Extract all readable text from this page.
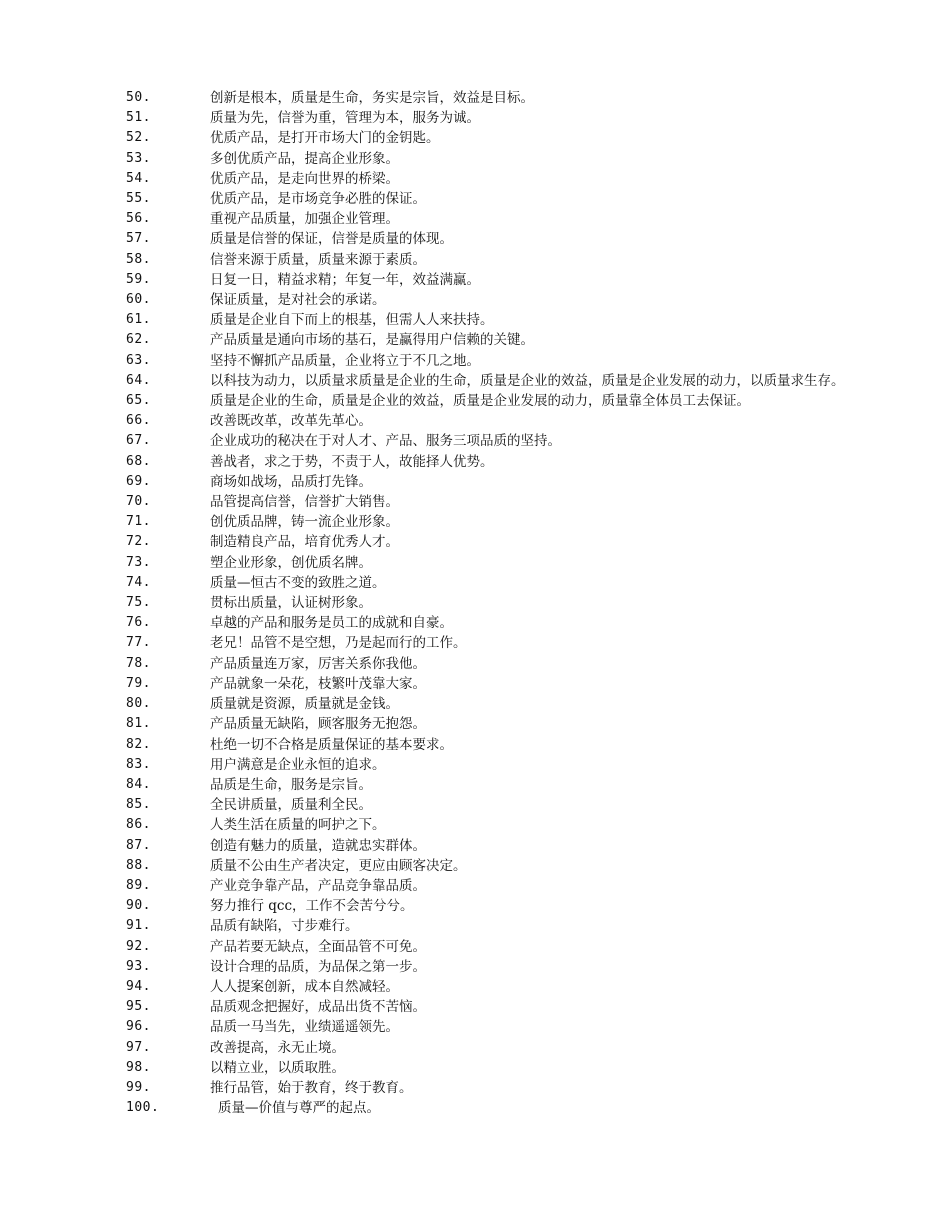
50.	创新是根本，质量是生命，务实是宗旨，效益是目标。
51.	质量为先，信誉为重，管理为本，服务为诚。
52.	优质产品，是打开市场大门的金钥匙。
53.	多创优质产品，提高企业形象。
54.	优质产品，是走向世界的桥梁。
55.	优质产品，是市场竞争必胜的保证。
56.	重视产品质量，加强企业管理。
57.	质量是信誉的保证，信誉是质量的体现。
58.	信誉来源于质量，质量来源于素质。
59.	日复一日，精益求精；年复一年，效益满赢。
60.	保证质量，是对社会的承诺。
61.	质量是企业自下而上的根基，但需人人来扶持。
62.	产品质量是通向市场的基石，是赢得用户信赖的关键。
63.	坚持不懈抓产品质量，企业将立于不几之地。
64.	以科技为动力，以质量求质量是企业的生命，质量是企业的效益，质量是企业发展的动力，以质量求生存。
65.	质量是企业的生命，质量是企业的效益，质量是企业发展的动力，质量靠全体员工去保证。
66.	改善既改革，改革先革心。
67.	企业成功的秘决在于对人才、产品、服务三项品质的坚持。
68.	善战者，求之于势，不责于人，故能择人优势。
69.	商场如战场，品质打先锋。
70.	品管提高信誉，信誉扩大销售。
71.	创优质品牌，铸一流企业形象。
72.	制造精良产品，培育优秀人才。
73.	塑企业形象，创优质名牌。
74.	质量—恒古不变的致胜之道。
75.	贯标出质量，认证树形象。
76.	卓越的产品和服务是员工的成就和自豪。
77.	老兄！品管不是空想，乃是起而行的工作。
78.	产品质量连万家，厉害关系你我他。
79.	产品就象一朵花，枝繁叶茂靠大家。
80.	质量就是资源，质量就是金钱。
81.	产品质量无缺陷，顾客服务无抱怨。
82.	杜绝一切不合格是质量保证的基本要求。
83.	用户满意是企业永恒的追求。
84.	品质是生命，服务是宗旨。
85.	全民讲质量，质量利全民。
86.	人类生活在质量的呵护之下。
87.	创造有魅力的质量，造就忠实群体。
88.	质量不公由生产者决定，更应由顾客决定。
89.	产业竞争靠产品，产品竞争靠品质。
90.	努力推行 qcc，工作不会苦兮兮。
91.	品质有缺陷，寸步难行。
92.	产品若要无缺点，全面品管不可免。
93.	设计合理的品质，为品保之第一步。
94.	人人提案创新，成本自然减轻。
95.	品质观念把握好，成品出货不苦恼。
96.	品质一马当先，业绩遥遥领先。
97.	改善提高，永无止境。
98.	以精立业，以质取胜。
99.	推行品管，始于教育，终于教育。
100.	质量—价值与尊严的起点。
